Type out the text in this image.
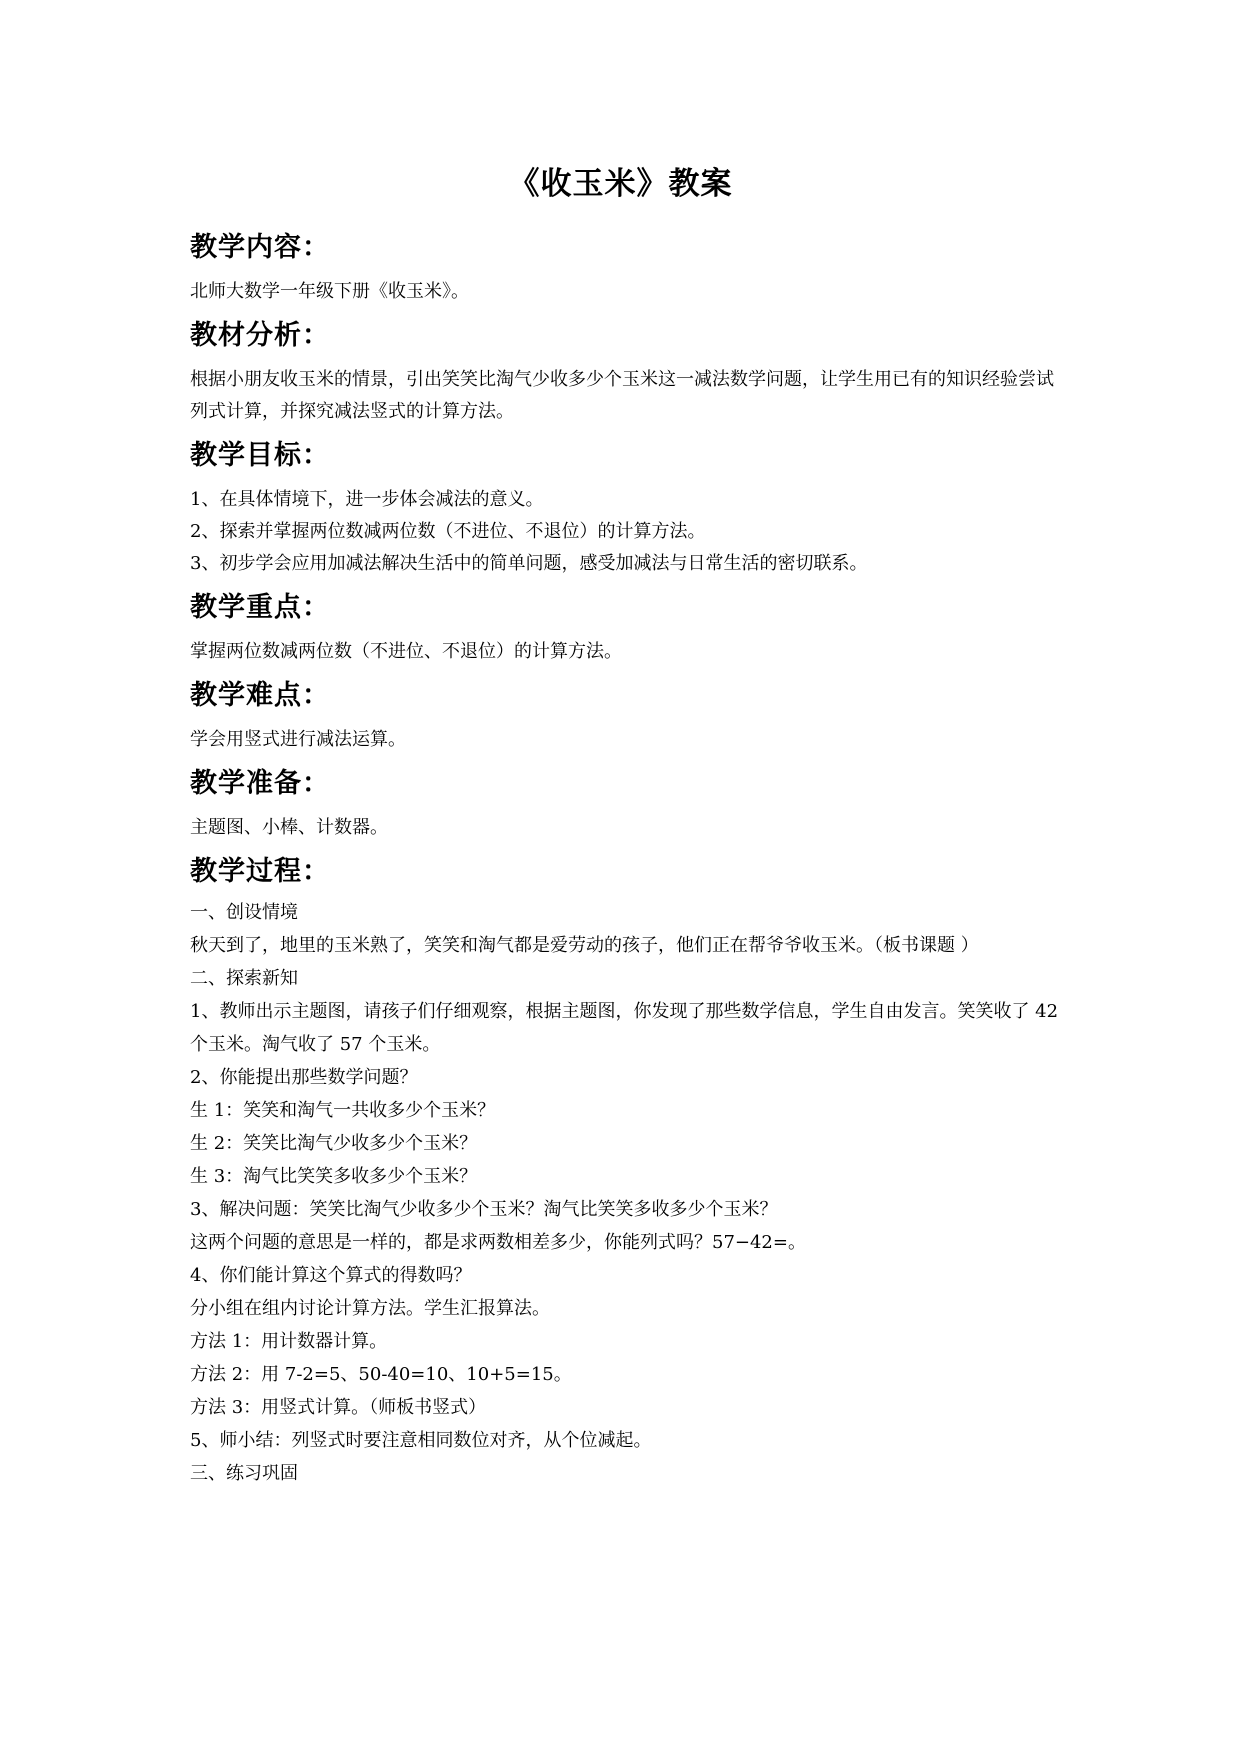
《收玉米》教案
教学内容：

北师大数学一年级下册《收玉米》。

教材分析：

根据小朋友收玉米的情景，引出笑笑比淘气少收多少个玉米这一减法数学问题，让学生用已有的知识经验尝试列式计算，并探究减法竖式的计算方法。

教学目标：

1、在具体情境下，进一步体会减法的意义。

2、探索并掌握两位数减两位数（不进位、不退位）的计算方法。

3、初步学会应用加减法解决生活中的简单问题，感受加减法与日常生活的密切联系。

教学重点：

掌握两位数减两位数（不进位、不退位）的计算方法。

教学难点：

学会用竖式进行减法运算。

教学准备：

主题图、小棒、计数器。

教学过程：

一、创设情境

秋天到了，地里的玉米熟了，笑笑和淘气都是爱劳动的孩子，他们正在帮爷爷收玉米。（板书课题 ）

二、探索新知

1、教师出示主题图，请孩子们仔细观察，根据主题图，你发现了那些数学信息，学生自由发言。笑笑收了 42 个玉米。淘气收了 57 个玉米。

2、你能提出那些数学问题？

生 1：笑笑和淘气一共收多少个玉米？

生 2：笑笑比淘气少收多少个玉米？

生 3：淘气比笑笑多收多少个玉米？

3、解决问题：笑笑比淘气少收多少个玉米？淘气比笑笑多收多少个玉米？

这两个问题的意思是一样的，都是求两数相差多少，你能列式吗？57−42=。

4、你们能计算这个算式的得数吗？

分小组在组内讨论计算方法。学生汇报算法。

方法 1：用计数器计算。

方法 2：用 7-2=5、50-40=10、10+5=15。

方法 3：用竖式计算。（师板书竖式）

5、师小结：列竖式时要注意相同数位对齐，从个位减起。

三、练习巩固
